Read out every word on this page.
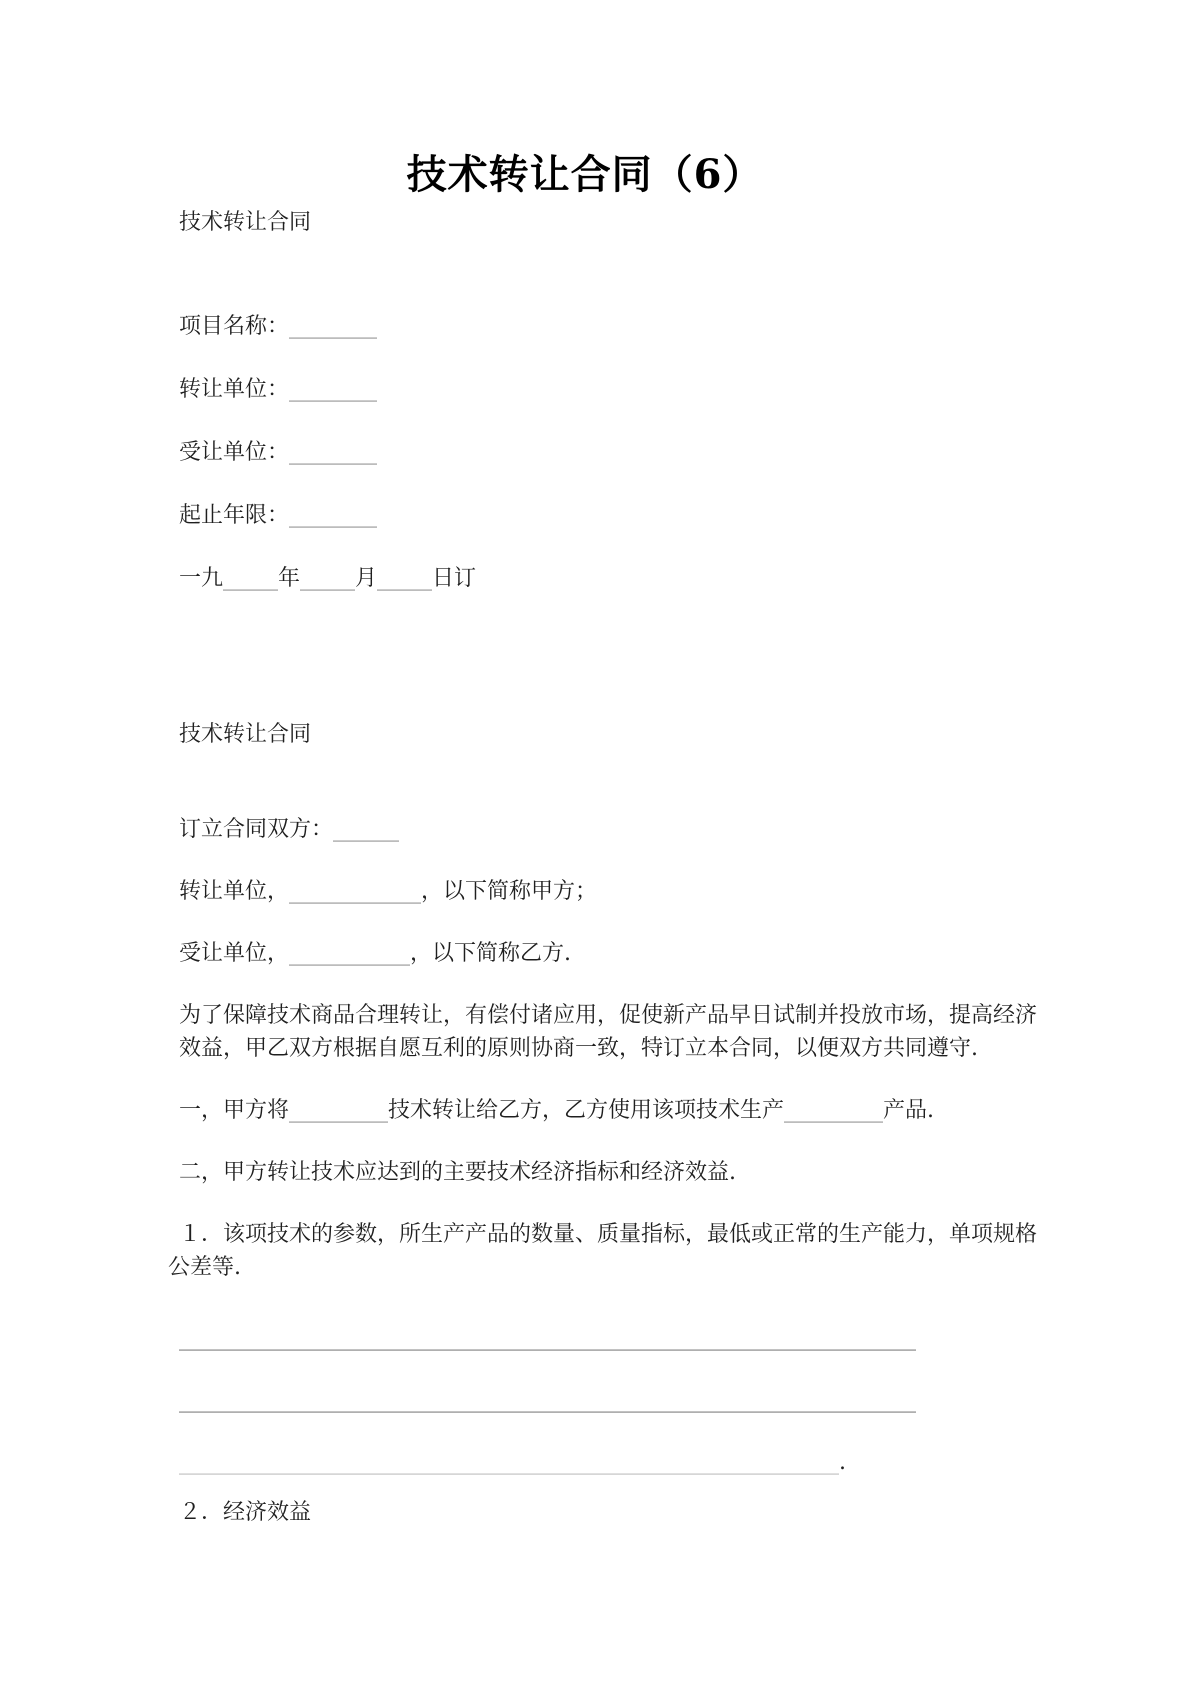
技术转让合同（6）

技术转让合同

项目名称：________

转让单位：________

受让单位：________

起止年限：________

一九_____年_____月_____日订

技术转让合同

订立合同双方：______

转让单位，____________，以下简称甲方；

受让单位，___________，以下简称乙方.

为了保障技术商品合理转让，有偿付诸应用，促使新产品早日试制并投放市场，提高经济效益，甲乙双方根据自愿互利的原则协商一致，特订立本合同，以便双方共同遵守.

一，甲方将_________技术转让给乙方，乙方使用该项技术生产_________产品.

二，甲方转让技术应达到的主要技术经济指标和经济效益.

１．该项技术的参数，所生产产品的数量、质量指标，最低或正常的生产能力，单项规格公差等.

___________________________________________________________________

___________________________________________________________________

____________________________________________________________.

２．经济效益
